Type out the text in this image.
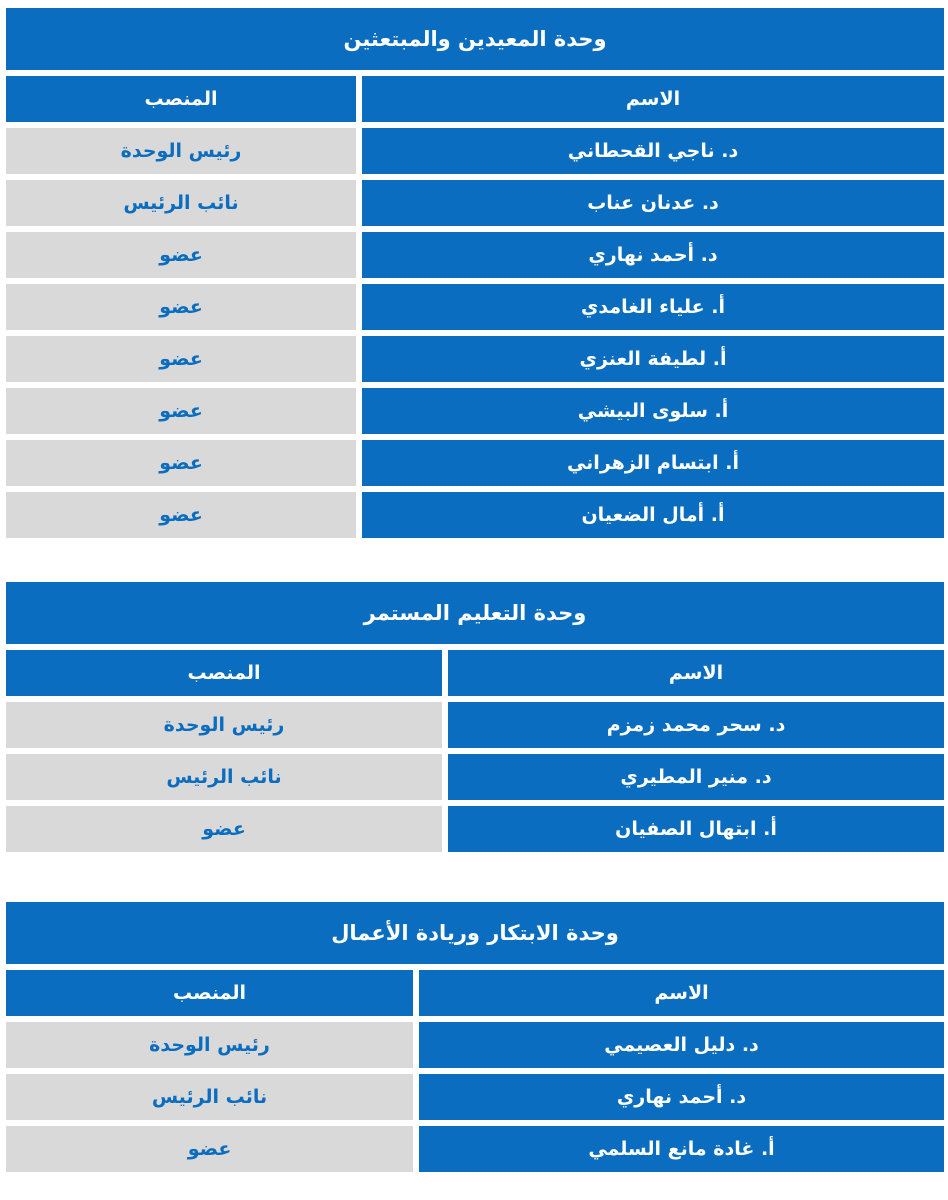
وحدة المعيدين والمبتعثين
المنصب	الاسم
رئيس الوحدة	د. ناجي القحطاني
نائب الرئيس	د. عدنان عناب
عضو	د. أحمد نهاري
عضو	أ. علياء الغامدي
عضو	أ. لطيفة العنزي
عضو	أ. سلوى البيشي
عضو	أ. ابتسام الزهراني
عضو	أ. أمال الضعيان
وحدة التعليم المستمر
المنصب	الاسم
رئيس الوحدة	د. سحر محمد زمزم
نائب الرئيس	د. منير المطيري
عضو	أ. ابتهال الصفيان
وحدة الابتكار وريادة الأعمال
المنصب	الاسم
رئيس الوحدة	د. دليل العصيمي
نائب الرئيس	د. أحمد نهاري
عضو	أ. غادة مانع السلمي
